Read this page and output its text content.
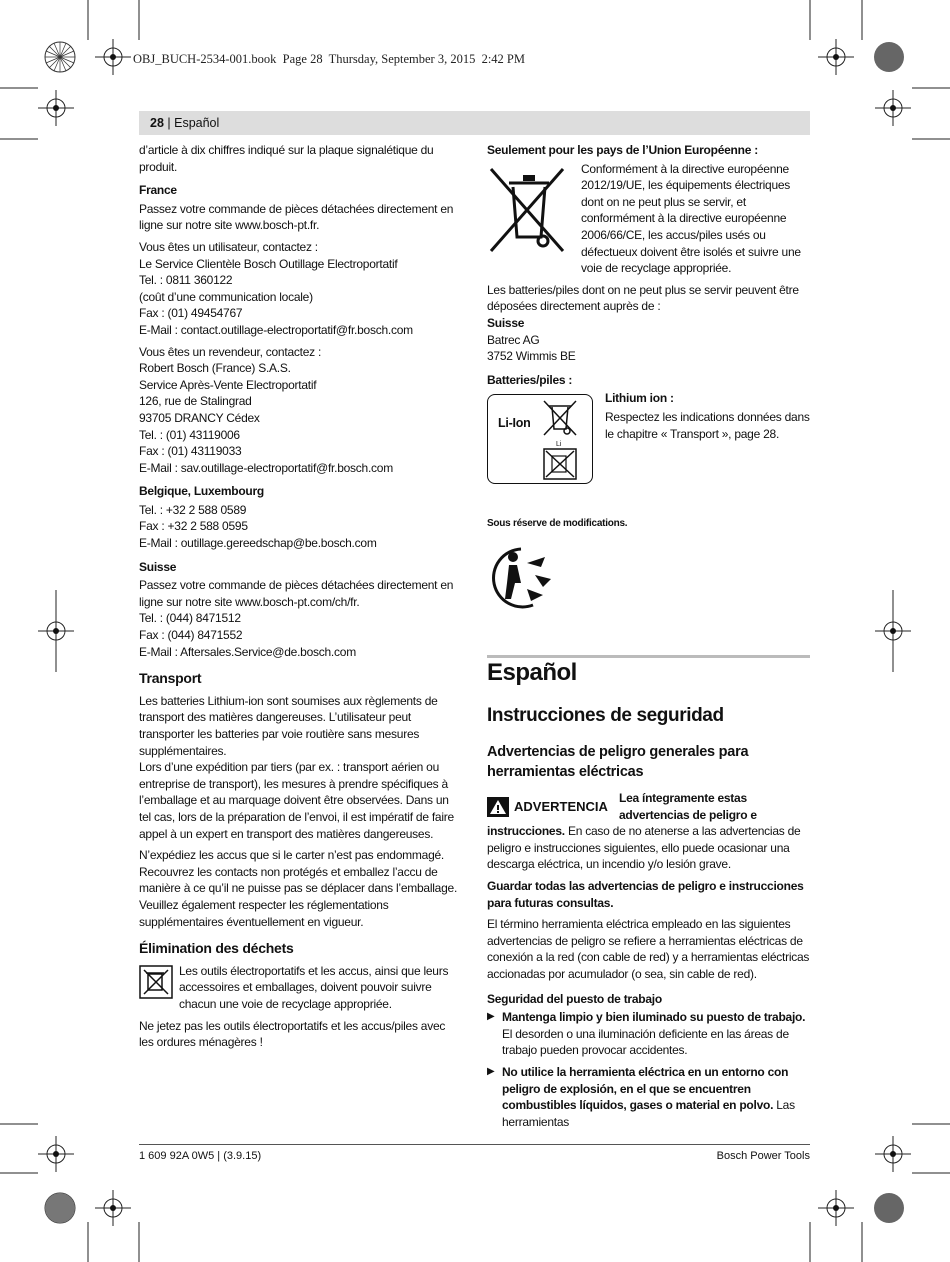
OBJ_BUCH-2534-001.book  Page 28  Thursday, September 3, 2015  2:42 PM
28 | Español

d’article à dix chiffres indiqué sur la plaque signalétique du produit.

France

Passez votre commande de pièces détachées directement en ligne sur notre site www.bosch-pt.fr.

Vous êtes un utilisateur, contactez :
Le Service Clientèle Bosch Outillage Electroportatif
Tel. : 0811 360122
(coût d’une communication locale)
Fax : (01) 49454767
E-Mail : contact.outillage-electroportatif@fr.bosch.com

Vous êtes un revendeur, contactez :
Robert Bosch (France) S.A.S.
Service Après-Vente Electroportatif
126, rue de Stalingrad
93705 DRANCY Cédex
Tel. : (01) 43119006
Fax : (01) 43119033
E-Mail : sav.outillage-electroportatif@fr.bosch.com

Belgique, Luxembourg

Tel. : +32 2 588 0589
Fax : +32 2 588 0595
E-Mail : outillage.gereedschap@be.bosch.com

Suisse

Passez votre commande de pièces détachées directement en
ligne sur notre site www.bosch-pt.com/ch/fr.
Tel. : (044) 8471512
Fax : (044) 8471552
E-Mail : Aftersales.Service@de.bosch.com

Transport

Les batteries Lithium-ion sont soumises aux règlements de transport des matières dangereuses. L’utilisateur peut transporter les batteries par voie routière sans mesures supplémentaires.

Lors d’une expédition par tiers (par ex. : transport aérien ou entreprise de transport), les mesures à prendre spécifiques à l’emballage et au marquage doivent être observées. Dans un tel cas, lors de la préparation de l’envoi, il est impératif de faire appel à un expert en transport des matières dangereuses.

N’expédiez les accus que si le carter n’est pas endommagé. Recouvrez les contacts non protégés et emballez l’accu de manière à ce qu’il ne puisse pas se déplacer dans l’emballage. Veuillez également respecter les réglementations supplémentaires éventuellement en vigueur.

Élimination des déchets

Les outils électroportatifs et les accus, ainsi que leurs accessoires et emballages, doivent pouvoir suivre chacun une voie de recyclage appropriée.

Ne jetez pas les outils électroportatifs et les accus/piles avec les ordures ménagères !

Seulement pour les pays de l’Union Européenne :

Conformément à la directive européenne 2012/19/UE, les équipements électriques dont on ne peut plus se servir, et conformément à la directive européenne 2006/66/CE, les accus/piles usés ou défectueux doivent être isolés et suivre une voie de recyclage appropriée.

Les batteries/piles dont on ne peut plus se servir peuvent être déposées directement auprès de :

Suisse

Batrec AG
3752 Wimmis BE

Batteries/piles :
Li-Ion
Li
Lithium ion :

Respectez les indications données dans le chapitre « Transport », page 28.

Sous réserve de modifications.
Español
Instrucciones de seguridad
Advertencias de peligro generales para herramientas eléctricas
ADVERTENCIA

Lea íntegramente estas advertencias de peligro e instrucciones. En caso de no atenerse a las advertencias de peligro e instrucciones siguientes, ello puede ocasionar una descarga eléctrica, un incendio y/o lesión grave.

Guardar todas las advertencias de peligro e instrucciones para futuras consultas.

El término herramienta eléctrica empleado en las siguientes advertencias de peligro se refiere a herramientas eléctricas de conexión a la red (con cable de red) y a herramientas eléctricas accionadas por acumulador (o sea, sin cable de red).

Seguridad del puesto de trabajo
▶ Mantenga limpio y bien iluminado su puesto de trabajo. El desorden o una iluminación deficiente en las áreas de trabajo pueden provocar accidentes.
▶ No utilice la herramienta eléctrica en un entorno con peligro de explosión, en el que se encuentren combustibles líquidos, gases o material en polvo. Las herramientas
1 609 92A 0W5 | (3.9.15)	Bosch Power Tools
